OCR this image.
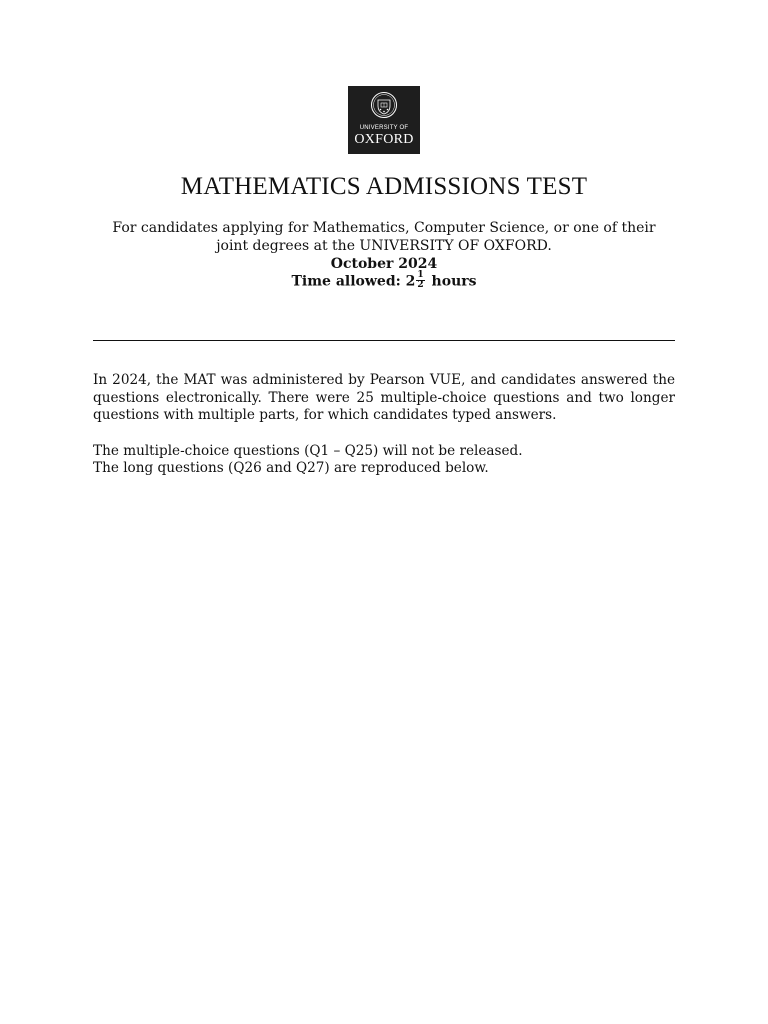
UNIVERSITY OF
OXFORD
MATHEMATICS ADMISSIONS TEST
For candidates applying for Mathematics, Computer Science, or one of their joint degrees at the UNIVERSITY OF OXFORD.
October 2024
Time allowed: $2 \frac{1}{2}$ hours

In 2024, the MAT was administered by Pearson VUE, and candidates answered the questions electronically. There were 25 multiple-choice questions and two longer questions with multiple parts, for which candidates typed answers.

The multiple-choice questions (Q1 – Q25) will not be released.

The long questions (Q26 and Q27) are reproduced below.
